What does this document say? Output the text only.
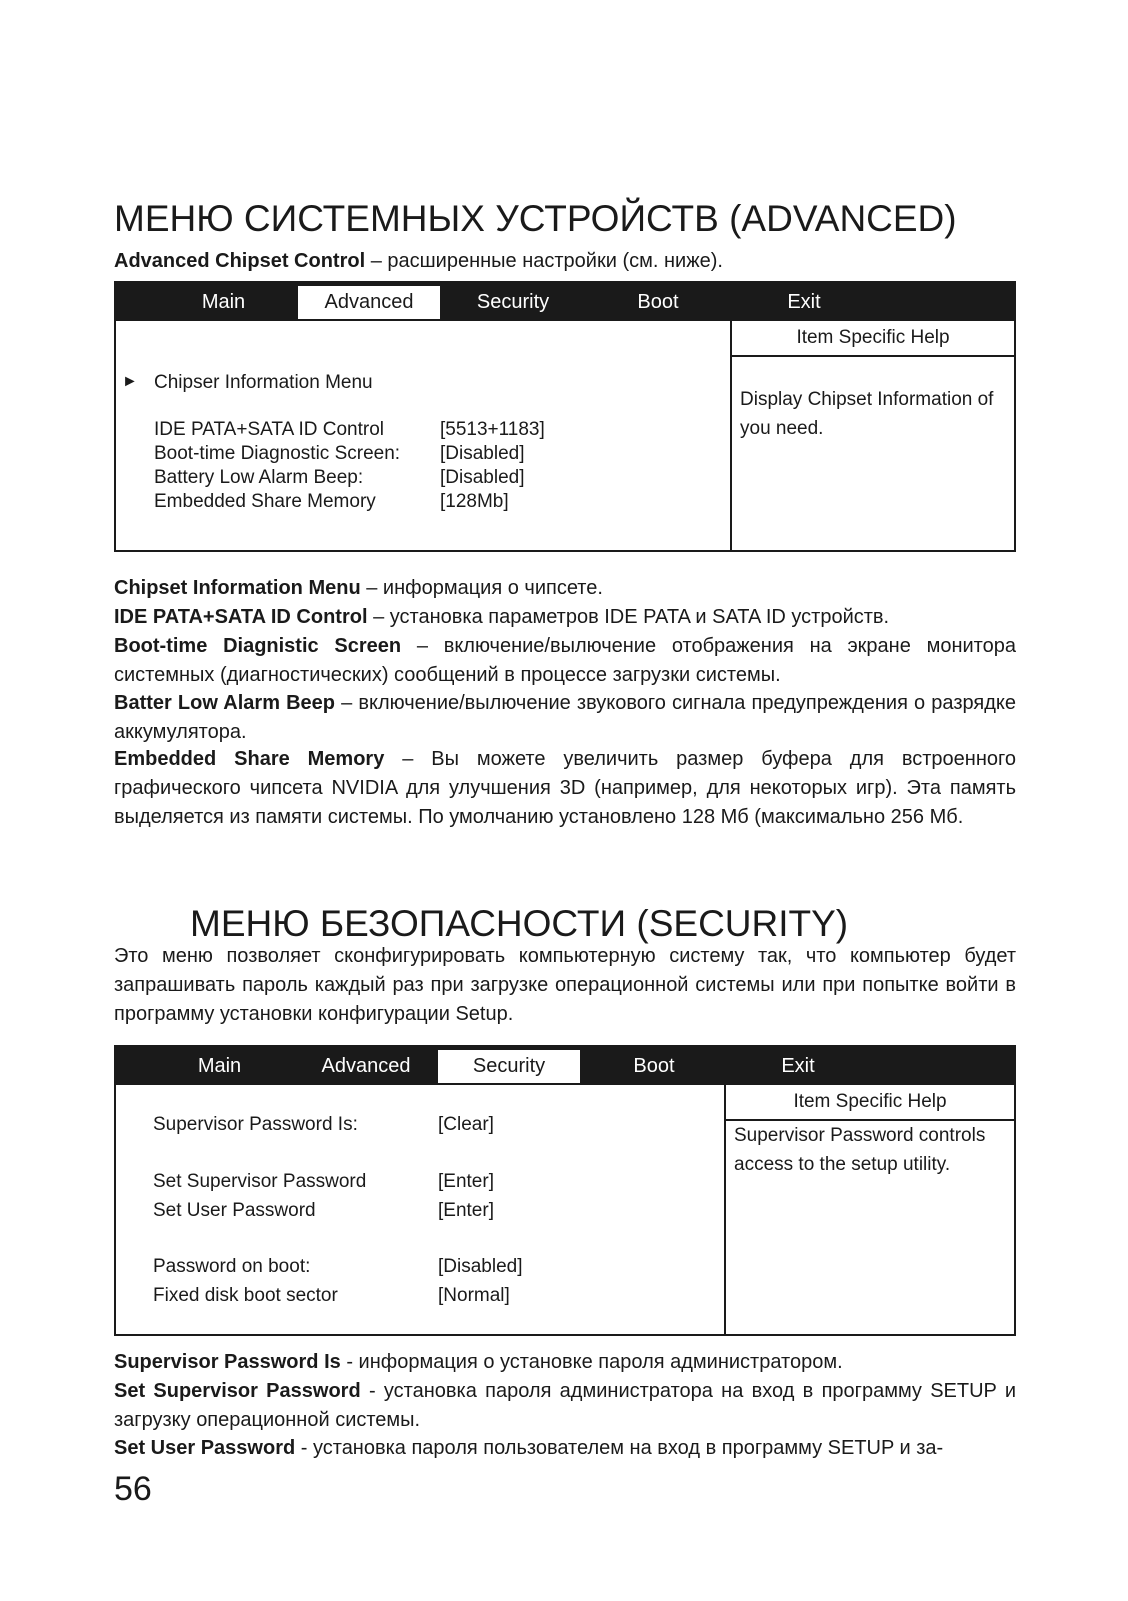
МЕНЮ СИСТЕМНЫХ УСТРОЙСТВ (ADVANCED)

Advanced Chipset Control – расширенные настройки (см. ниже).

Main	Advanced	Security	Boot	Exit
► Chipser Information Menu
IDE PATA+SATA ID Control	[5513+1183]
Boot-time Diagnostic Screen: [Disabled]
Battery Low Alarm Beep:	[Disabled]
Embedded Share Memory	[128Mb]
Item Specific Help
Display Chipset Information of you need.

Chipset Information Menu – информация о чипсете.

IDE PATA+SATA ID Control – установка параметров IDE PATA и SATA ID устройств.

Boot-time Diagnistic Screen – включение/вылючение отображения на экране монитора системных (диагностических) сообщений в процессе загрузки системы.

Batter Low Alarm Beep – включение/вылючение звукового сигнала предупреждения о разрядке аккумулятора.

Embedded Share Memory – Вы можете увеличить размер буфера для встроенного графического чипсета NVIDIA для улучшения 3D (например, для некоторых игр). Эта память выделяется из памяти системы. По умолчанию установлено 128 Мб (максимально 256 Мб.

МЕНЮ БЕЗОПАСНОСТИ (SECURITY)

Это меню позволяет сконфигурировать компьютерную систему так, что компьютер будет запрашивать пароль каждый раз при загрузке операционной системы или при попытке войти в программу установки конфигурации Setup.

Main	Advanced	Security	Boot	Exit
Supervisor Password Is:	[Clear]
Set Supervisor Password	[Enter]
Set User Password	[Enter]
Password on boot:	[Disabled]
Fixed disk boot sector	[Normal]
Item Specific Help
Supervisor Password controls access to the setup utility.

Supervisor Password Is - информация о установке пароля администратором.

Set Supervisor Password - установка пароля администратора на вход в программу SETUP и загрузку операционной системы.

Set User Password - установка пароля пользователем на вход в программу SETUP и за-

56
